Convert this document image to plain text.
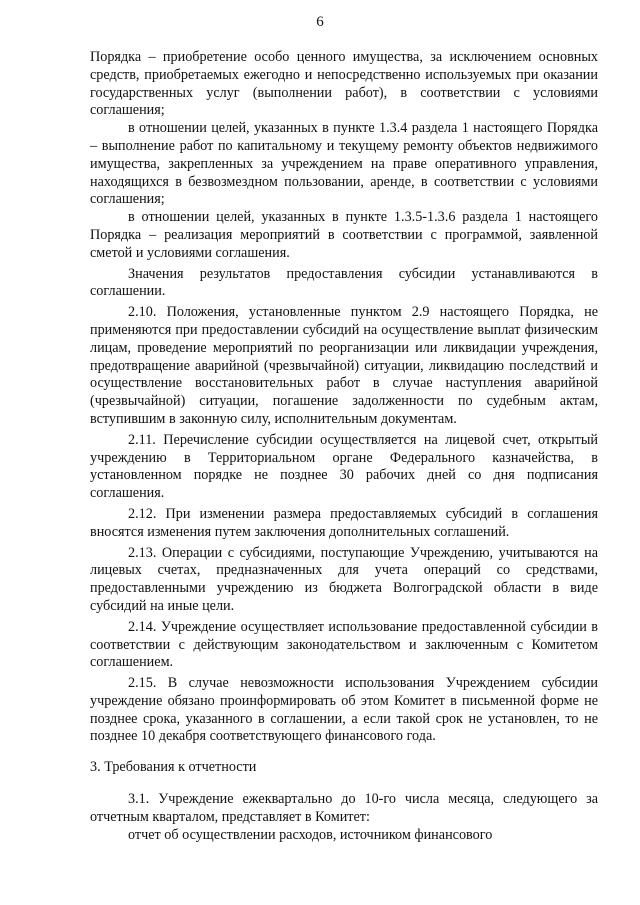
6

Порядка – приобретение особо ценного имущества, за исключением основных средств, приобретаемых ежегодно и непосредственно используемых при оказании государственных услуг (выполнении работ), в соответствии с условиями соглашения;

в отношении целей, указанных в пункте 1.3.4 раздела 1 настоящего Порядка – выполнение работ по капитальному и текущему ремонту объектов недвижимого имущества, закрепленных за учреждением на праве оперативного управления, находящихся в безвозмездном пользовании, аренде, в соответствии с условиями соглашения;

в отношении целей, указанных в пункте 1.3.5-1.3.6 раздела 1 настоящего Порядка – реализация мероприятий в соответствии с программой, заявленной сметой и условиями соглашения.

Значения результатов предоставления субсидии устанавливаются в соглашении.

2.10. Положения, установленные пунктом 2.9 настоящего Порядка, не применяются при предоставлении субсидий на осуществление выплат физическим лицам, проведение мероприятий по реорганизации или ликвидации учреждения, предотвращение аварийной (чрезвычайной) ситуации, ликвидацию последствий и осуществление восстановительных работ в случае наступления аварийной (чрезвычайной) ситуации, погашение задолженности по судебным актам, вступившим в законную силу, исполнительным документам.

2.11. Перечисление субсидии осуществляется на лицевой счет, открытый учреждению в Территориальном органе Федерального казначейства, в установленном порядке не позднее 30 рабочих дней со дня подписания соглашения.

2.12. При изменении размера предоставляемых субсидий в соглашения вносятся изменения путем заключения дополнительных соглашений.

2.13. Операции с субсидиями, поступающие Учреждению, учитываются на лицевых счетах, предназначенных для учета операций со средствами, предоставленными учреждению из бюджета Волгоградской области в виде субсидий на иные цели.

2.14. Учреждение осуществляет использование предоставленной субсидии в соответствии с действующим законодательством и заключенным с Комитетом соглашением.

2.15. В случае невозможности использования Учреждением субсидии учреждение обязано проинформировать об этом Комитет в письменной форме не позднее срока, указанного в соглашении, а если такой срок не установлен, то не позднее 10 декабря соответствующего финансового года.

3. Требования к отчетности

3.1. Учреждение ежеквартально до 10-го числа месяца, следующего за отчетным кварталом, представляет в Комитет:

отчет об осуществлении расходов, источником финансового
